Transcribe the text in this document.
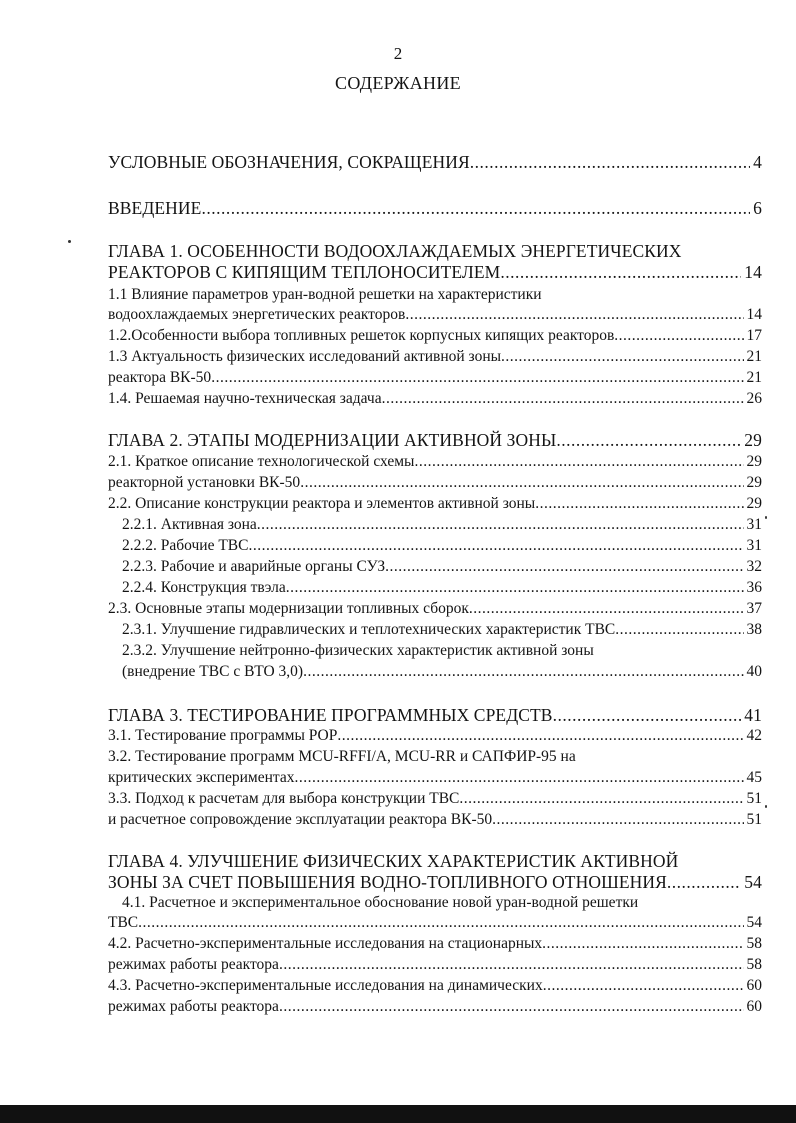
2
СОДЕРЖАНИЕ
УСЛОВНЫЕ ОБОЗНАЧЕНИЯ, СОКРАЩЕНИЯ .....	4
ВВЕДЕНИЕ .....	6
ГЛАВА 1. ОСОБЕННОСТИ ВОДООХЛАЖДАЕМЫХ ЭНЕРГЕТИЧЕСКИХ
РЕАКТОРОВ С КИПЯЩИМ ТЕПЛОНОСИТЕЛЕМ .....	14
1.1 Влияние параметров уран-водной решетки на характеристики
водоохлаждаемых энергетических реакторов .....	14
1.2.Особенности выбора топливных решеток корпусных кипящих реакторов .....	17
1.3 Актуальность физических исследований активной зоны .....	21
реактора ВК-50 .....	21
1.4. Решаемая научно-техническая задача .....	26
ГЛАВА 2. ЭТАПЫ МОДЕРНИЗАЦИИ АКТИВНОЙ ЗОНЫ .....	29
2.1. Краткое описание технологической схемы .....	29
реакторной установки ВК-50 .....	29
2.2. Описание конструкции реактора и элементов активной зоны .....	29
2.2.1. Активная зона .....	31
2.2.2. Рабочие ТВС .....	31
2.2.3. Рабочие и аварийные органы СУЗ .....	32
2.2.4. Конструкция твэла .....	36
2.3. Основные этапы модернизации топливных сборок .....	37
2.3.1. Улучшение гидравлических и теплотехнических характеристик ТВС .....	38
2.3.2. Улучшение нейтронно-физических характеристик активной зоны
(внедрение ТВС с ВТО 3,0) .....	40
ГЛАВА 3. ТЕСТИРОВАНИЕ ПРОГРАММНЫХ СРЕДСТВ .....	41
3.1. Тестирование программы РОР .....	42
3.2. Тестирование программ MCU-RFFI/A, MCU-RR и САПФИР-95 на
критических экспериментах .....	45
3.3. Подход к расчетам для выбора конструкции ТВС .....	51
и расчетное сопровождение эксплуатации реактора ВК-50 .....	51
ГЛАВА 4. УЛУЧШЕНИЕ ФИЗИЧЕСКИХ ХАРАКТЕРИСТИК АКТИВНОЙ
ЗОНЫ ЗА СЧЕТ ПОВЫШЕНИЯ ВОДНО-ТОПЛИВНОГО ОТНОШЕНИЯ .....	54
4.1. Расчетное и экспериментальное обоснование новой уран-водной решетки
ТВС .....	54
4.2. Расчетно-экспериментальные исследования на стационарных .....	58
режимах работы реактора .....	58
4.3. Расчетно-экспериментальные исследования на динамических .....	60
режимах работы реактора .....	60
